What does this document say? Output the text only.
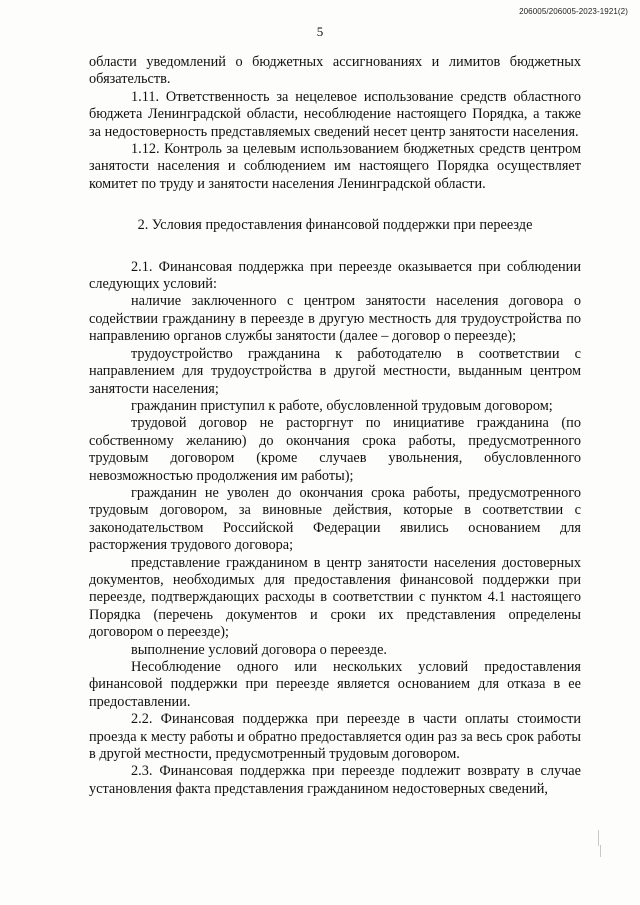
206005/206005-2023-1921(2)
5

области уведомлений о бюджетных ассигнованиях и лимитов бюджетных обязательств.

1.11. Ответственность за нецелевое использование средств областного бюджета Ленинградской области, несоблюдение настоящего Порядка, а также за недостоверность представляемых сведений несет центр занятости населения.

1.12. Контроль за целевым использованием бюджетных средств центром занятости населения и соблюдением им настоящего Порядка осуществляет комитет по труду и занятости населения Ленинградской области.

2. Условия предоставления финансовой поддержки при переезде

2.1. Финансовая поддержка при переезде оказывается при соблюдении следующих условий:

наличие заключенного с центром занятости населения договора о содействии гражданину в переезде в другую местность для трудоустройства по направлению органов службы занятости (далее – договор о переезде);

трудоустройство гражданина к работодателю в соответствии с направлением для трудоустройства в другой местности, выданным центром занятости населения;

гражданин приступил к работе, обусловленной трудовым договором;

трудовой договор не расторгнут по инициативе гражданина (по собственному желанию) до окончания срока работы, предусмотренного трудовым договором (кроме случаев увольнения, обусловленного невозможностью продолжения им работы);

гражданин не уволен до окончания срока работы, предусмотренного трудовым договором, за виновные действия, которые в соответствии с законодательством Российской Федерации явились основанием для расторжения трудового договора;

представление гражданином в центр занятости населения достоверных документов, необходимых для предоставления финансовой поддержки при переезде, подтверждающих расходы в соответствии с пунктом 4.1 настоящего Порядка (перечень документов и сроки их представления определены договором о переезде);

выполнение условий договора о переезде.

Несоблюдение одного или нескольких условий предоставления финансовой поддержки при переезде является основанием для отказа в ее предоставлении.

2.2. Финансовая поддержка при переезде в части оплаты стоимости проезда к месту работы и обратно предоставляется один раз за весь срок работы в другой местности, предусмотренный трудовым договором.

2.3. Финансовая поддержка при переезде подлежит возврату в случае установления факта представления гражданином недостоверных сведений,
